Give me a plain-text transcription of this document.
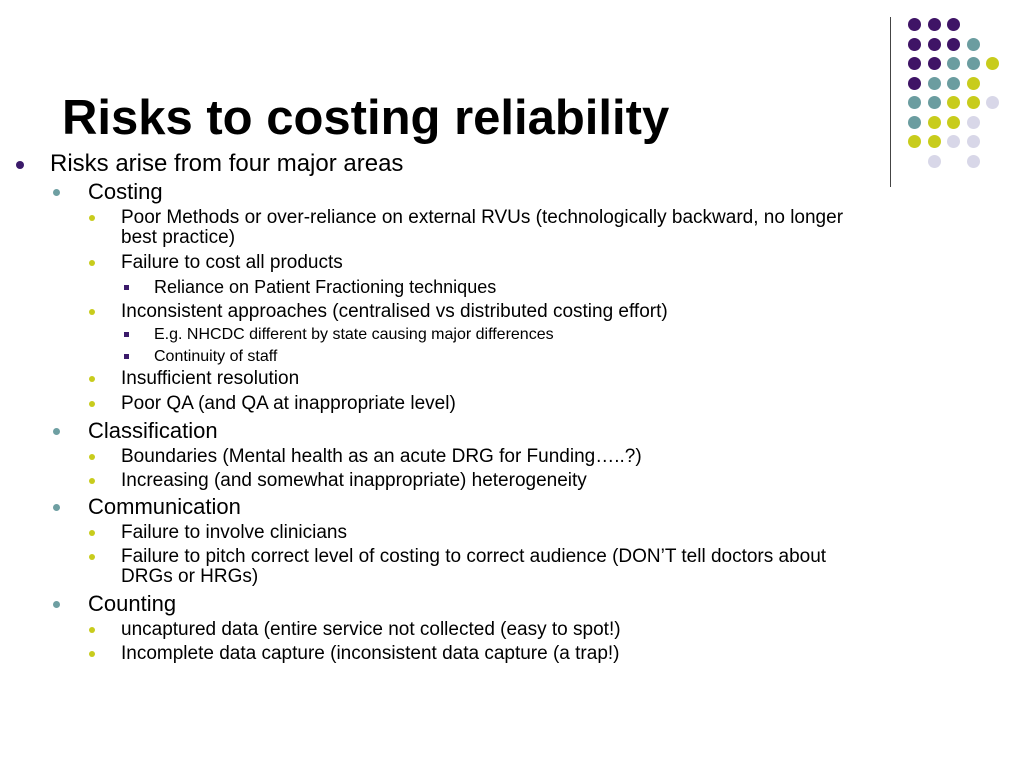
Risks to costing reliability
Risks arise from four major areas
Costing
Poor Methods or over-reliance on external RVUs (technologically backward, no longer
best practice)
Failure to cost all products
Reliance on Patient Fractioning techniques
Inconsistent approaches (centralised vs distributed costing effort)
E.g. NHCDC different by state causing major differences
Continuity of staff
Insufficient resolution
Poor QA (and QA at inappropriate level)
Classification
Boundaries (Mental health as an acute DRG for Funding…..?)
Increasing (and somewhat inappropriate) heterogeneity
Communication
Failure to involve clinicians
Failure to pitch correct level of costing to correct audience (DON’T tell doctors about
DRGs or HRGs)
Counting
uncaptured data (entire service not collected (easy to spot!)
Incomplete data capture (inconsistent data capture (a trap!)
